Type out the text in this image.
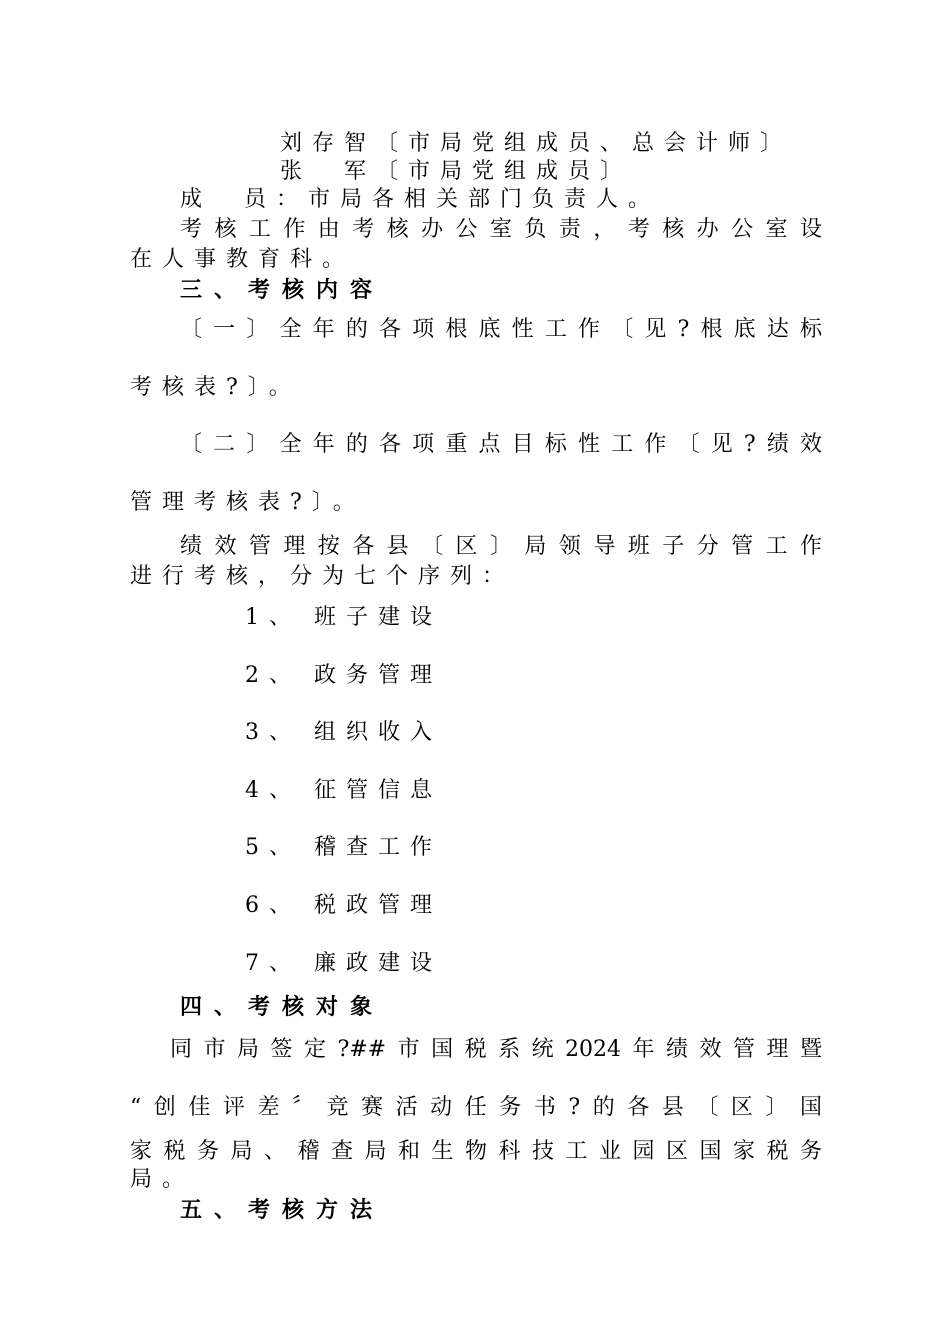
刘存智〔市局党组成员、总会计师〕
张　军〔市局党组成员〕
成　员：市局各相关部门负责人。
考核工作由考核办公室负责，考核办公室设
在人事教育科。
三、考核内容
〔一〕全年的各项根底性工作〔见?根底达标
考核表?〕。
〔二〕全年的各项重点目标性工作〔见?绩效
管理考核表?〕。
绩效管理按各县〔区〕局领导班子分管工作
进行考核，分为七个序列：
1、 班子建设
2、 政务管理
3、 组织收入
4、 征管信息
5、 稽查工作
6、 税政管理
7、 廉政建设
四、考核对象
同市局签定?##市国税系统2024年绩效管理暨
“创佳评差〞竞赛活动任务书?的各县〔区〕国
家税务局、稽查局和生物科技工业园区国家税务
局。
五、考核方法
